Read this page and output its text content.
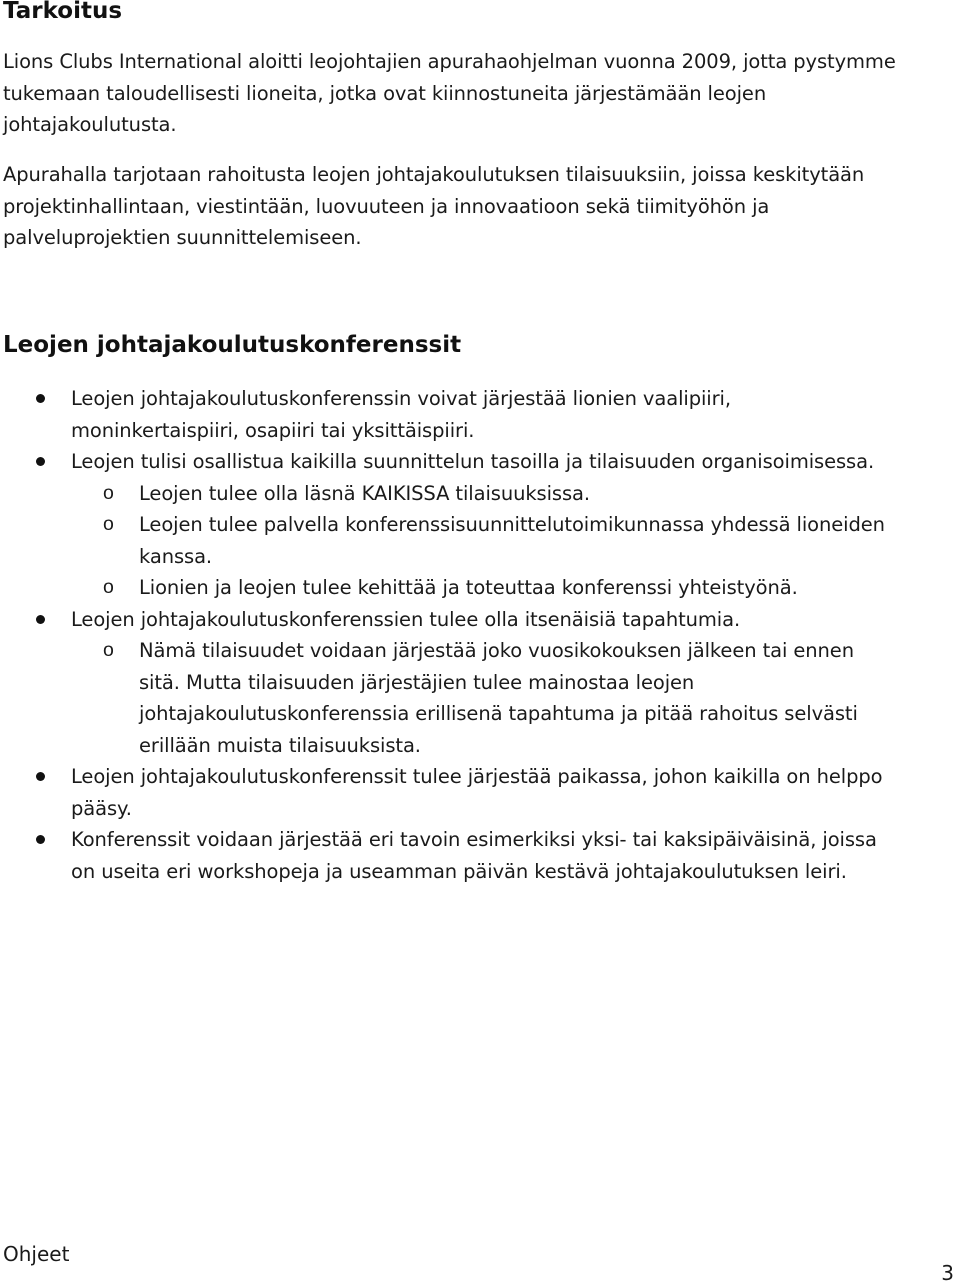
Tarkoitus

Lions Clubs International aloitti leojohtajien apurahaohjelman vuonna 2009, jotta pystymme tukemaan taloudellisesti lioneita, jotka ovat kiinnostuneita järjestämään leojen johtajakoulutusta.

Apurahalla tarjotaan rahoitusta leojen johtajakoulutuksen tilaisuuksiin, joissa keskitytään projektinhallintaan, viestintään, luovuuteen ja innovaatioon sekä tiimityöhön ja palveluprojektien suunnittelemiseen.

Leojen johtajakoulutuskonferenssit
Leojen johtajakoulutuskonferenssin voivat järjestää lionien vaalipiiri, moninkertaispiiri, osapiiri tai yksittäispiiri.
Leojen tulisi osallistua kaikilla suunnittelun tasoilla ja tilaisuuden organisoimisessa.
o Leojen tulee olla läsnä KAIKISSA tilaisuuksissa.
o Leojen tulee palvella konferenssisuunnittelutoimikunnassa yhdessä lioneiden kanssa.
o Lionien ja leojen tulee kehittää ja toteuttaa konferenssi yhteistyönä.
Leojen johtajakoulutuskonferenssien tulee olla itsenäisiä tapahtumia.
o Nämä tilaisuudet voidaan järjestää joko vuosikokouksen jälkeen tai ennen sitä. Mutta tilaisuuden järjestäjien tulee mainostaa leojen johtajakoulutuskonferenssia erillisenä tapahtuma ja pitää rahoitus selvästi erillään muista tilaisuuksista.
Leojen johtajakoulutuskonferenssit tulee järjestää paikassa, johon kaikilla on helppo pääsy.
Konferenssit voidaan järjestää eri tavoin esimerkiksi yksi- tai kaksipäiväisinä, joissa on useita eri workshopeja ja useamman päivän kestävä johtajakoulutuksen leiri.

Ohjeet

3
